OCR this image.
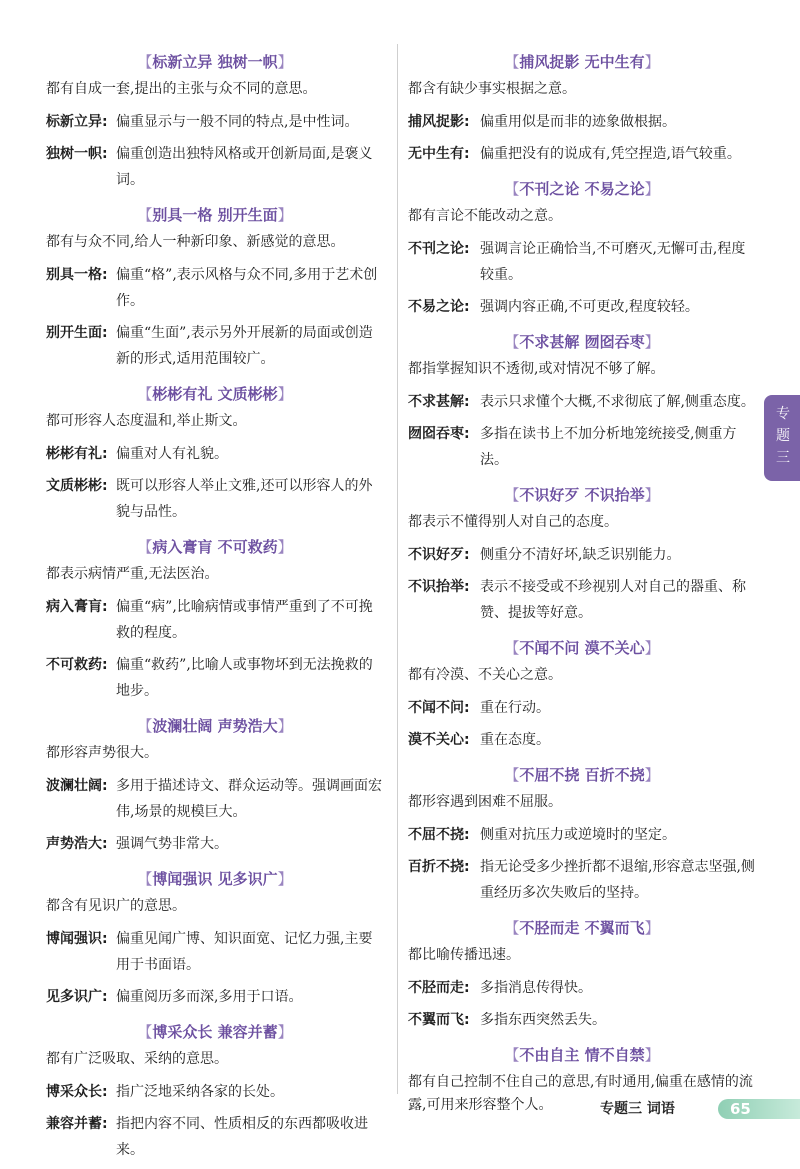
【标新立异 独树一帜】
都有自成一套,提出的主张与众不同的意思。
标新立异: 偏重显示与一般不同的特点,是中性词。
独树一帜: 偏重创造出独特风格或开创新局面,是褒义词。
【别具一格 别开生面】
都有与众不同,给人一种新印象、新感觉的意思。
别具一格: 偏重“格”,表示风格与众不同,多用于艺术创作。
别开生面: 偏重“生面”,表示另外开展新的局面或创造新的形式,适用范围较广。
【彬彬有礼 文质彬彬】
都可形容人态度温和,举止斯文。
彬彬有礼: 偏重对人有礼貌。
文质彬彬: 既可以形容人举止文雅,还可以形容人的外貌与品性。
【病入膏肓 不可救药】
都表示病情严重,无法医治。
病入膏肓: 偏重“病”,比喻病情或事情严重到了不可挽救的程度。
不可救药: 偏重“救药”,比喻人或事物坏到无法挽救的地步。
【波澜壮阔 声势浩大】
都形容声势很大。
波澜壮阔: 多用于描述诗文、群众运动等。强调画面宏伟,场景的规模巨大。
声势浩大: 强调气势非常大。
【博闻强识 见多识广】
都含有见识广的意思。
博闻强识: 偏重见闻广博、知识面宽、记忆力强,主要用于书面语。
见多识广: 偏重阅历多而深,多用于口语。
【博采众长 兼容并蓄】
都有广泛吸取、采纳的意思。
博采众长: 指广泛地采纳各家的长处。
兼容并蓄: 指把内容不同、性质相反的东西都吸收进来。
【捕风捉影 无中生有】
都含有缺少事实根据之意。
捕风捉影: 偏重用似是而非的迹象做根据。
无中生有: 偏重把没有的说成有,凭空捏造,语气较重。
【不刊之论 不易之论】
都有言论不能改动之意。
不刊之论: 强调言论正确恰当,不可磨灭,无懈可击,程度较重。
不易之论: 强调内容正确,不可更改,程度较轻。
【不求甚解 囫囵吞枣】
都指掌握知识不透彻,或对情况不够了解。
不求甚解: 表示只求懂个大概,不求彻底了解,侧重态度。
囫囵吞枣: 多指在读书上不加分析地笼统接受,侧重方法。
【不识好歹 不识抬举】
都表示不懂得别人对自己的态度。
不识好歹: 侧重分不清好坏,缺乏识别能力。
不识抬举: 表示不接受或不珍视别人对自己的器重、称赞、提拔等好意。
【不闻不问 漠不关心】
都有冷漠、不关心之意。
不闻不问: 重在行动。
漠不关心: 重在态度。
【不屈不挠 百折不挠】
都形容遇到困难不屈服。
不屈不挠: 侧重对抗压力或逆境时的坚定。
百折不挠: 指无论受多少挫折都不退缩,形容意志坚强,侧重经历多次失败后的坚持。
【不胫而走 不翼而飞】
都比喻传播迅速。
不胫而走: 多指消息传得快。
不翼而飞: 多指东西突然丢失。
【不由自主 情不自禁】
都有自己控制不住自己的意思,有时通用,偏重在感情的流露,可用来形容整个人。
专题三
专题三 词语	65
